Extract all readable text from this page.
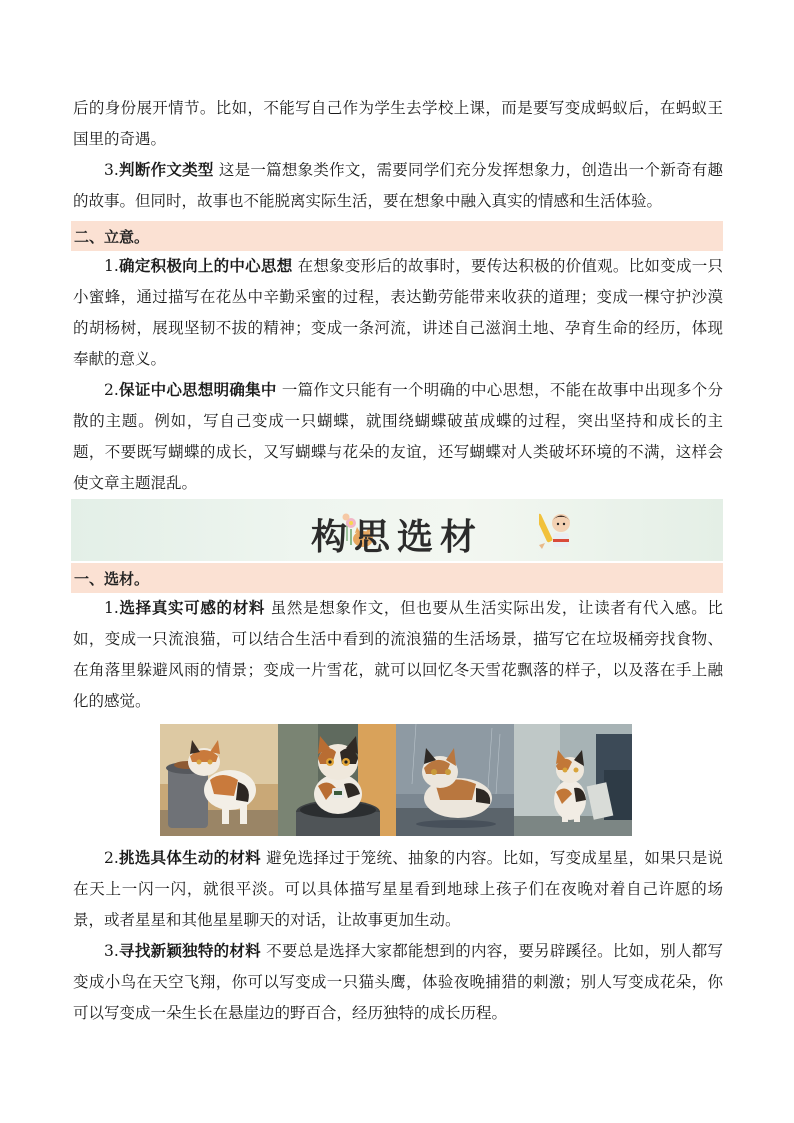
后的身份展开情节。比如，不能写自己作为学生去学校上课，而是要写变成蚂蚁后，在蚂蚁王国里的奇遇。

3.判断作文类型 这是一篇想象类作文，需要同学们充分发挥想象力，创造出一个新奇有趣的故事。但同时，故事也不能脱离实际生活，要在想象中融入真实的情感和生活体验。

二、立意。

1.确定积极向上的中心思想 在想象变形后的故事时，要传达积极的价值观。比如变成一只小蜜蜂，通过描写在花丛中辛勤采蜜的过程，表达勤劳能带来收获的道理；变成一棵守护沙漠的胡杨树，展现坚韧不拔的精神；变成一条河流，讲述自己滋润土地、孕育生命的经历，体现奉献的意义。

2.保证中心思想明确集中 一篇作文只能有一个明确的中心思想，不能在故事中出现多个分散的主题。例如，写自己变成一只蝴蝶，就围绕蝴蝶破茧成蝶的过程，突出坚持和成长的主题，不要既写蝴蝶的成长，又写蝴蝶与花朵的友谊，还写蝴蝶对人类破坏环境的不满，这样会使文章主题混乱。

构思选材
一、选材。

1.选择真实可感的材料 虽然是想象作文，但也要从生活实际出发，让读者有代入感。比如，变成一只流浪猫，可以结合生活中看到的流浪猫的生活场景，描写它在垃圾桶旁找食物、在角落里躲避风雨的情景；变成一片雪花，就可以回忆冬天雪花飘落的样子，以及落在手上融化的感觉。

2.挑选具体生动的材料 避免选择过于笼统、抽象的内容。比如，写变成星星，如果只是说在天上一闪一闪，就很平淡。可以具体描写星星看到地球上孩子们在夜晚对着自己许愿的场景，或者星星和其他星星聊天的对话，让故事更加生动。

3.寻找新颖独特的材料 不要总是选择大家都能想到的内容，要另辟蹊径。比如，别人都写变成小鸟在天空飞翔，你可以写变成一只猫头鹰，体验夜晚捕猎的刺激；别人写变成花朵，你可以写变成一朵生长在悬崖边的野百合，经历独特的成长历程。
